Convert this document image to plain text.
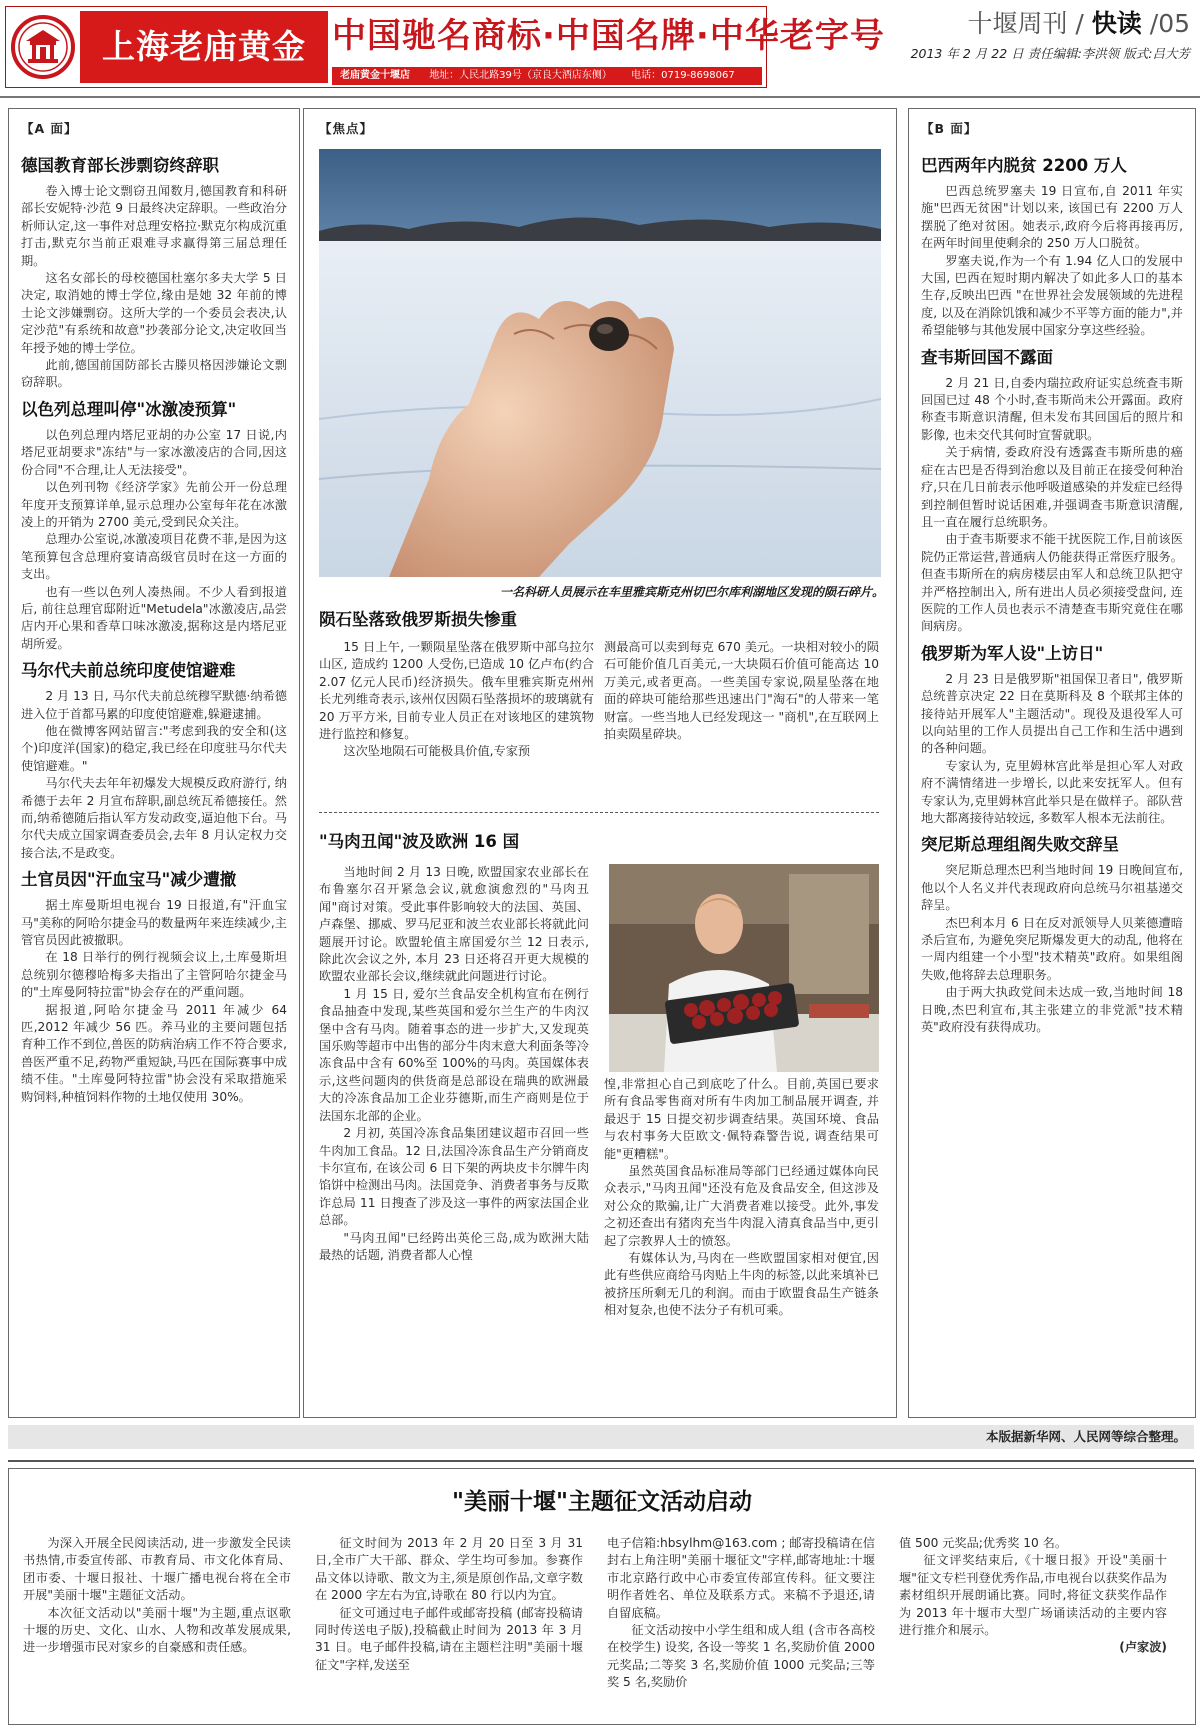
上海老庙黄金 中国驰名商标·中国名牌·中华老字号
老庙黄金十堰店 地址：人民北路39号（京良大酒店东侧） 电话：0719-8698067
十堰周刊 / 快读 /05
2013 年 2 月 22 日 责任编辑:李洪领 版式:吕大芳
【A 面】
德国教育部长涉剽窃终辞职

卷入博士论文剽窃丑闻数月,德国教育和科研部长安妮特·沙范 9 日最终决定辞职。一些政治分析师认定,这一事件对总理安格拉·默克尔构成沉重打击,默克尔当前正艰难寻求赢得第三届总理任期。

这名女部长的母校德国杜塞尔多夫大学 5 日决定, 取消她的博士学位,缘由是她 32 年前的博士论文涉嫌剽窃。这所大学的一个委员会表决,认定沙范"有系统和故意"抄袭部分论文,决定收回当年授予她的博士学位。

此前,德国前国防部长古滕贝格因涉嫌论文剽窃辞职。

以色列总理叫停"冰激凌预算"

以色列总理内塔尼亚胡的办公室 17 日说,内塔尼亚胡要求"冻结"与一家冰激凌店的合同,因这份合同"不合理,让人无法接受"。

以色列刊物《经济学家》先前公开一份总理年度开支预算详单,显示总理办公室每年花在冰激凌上的开销为 2700 美元,受到民众关注。

总理办公室说,冰激凌项目花费不菲,是因为这笔预算包含总理府宴请高级官员时在这一方面的支出。

也有一些以色列人凑热闹。不少人看到报道后, 前往总理官邸附近"Metudela"冰激凌店,品尝店内开心果和香草口味冰激凌,据称这是内塔尼亚胡所爱。

马尔代夫前总统印度使馆避难

2 月 13 日, 马尔代夫前总统穆罕默德·纳希德进入位于首都马累的印度使馆避难,躲避逮捕。

他在微博客网站留言:"考虑到我的安全和(这个)印度洋(国家)的稳定,我已经在印度驻马尔代夫使馆避难。"

马尔代夫去年年初爆发大规模反政府游行, 纳希德于去年 2 月宣布辞职,副总统瓦希德接任。然而,纳希德随后指认军方发动政变,逼迫他下台。马尔代夫成立国家调查委员会,去年 8 月认定权力交接合法,不是政变。

土官员因"汗血宝马"减少遭撤

据土库曼斯坦电视台 19 日报道,有"汗血宝马"美称的阿哈尔捷金马的数量两年来连续减少,主管官员因此被撤职。

在 18 日举行的例行视频会议上,土库曼斯坦总统别尔德穆哈梅多夫指出了主管阿哈尔捷金马的"土库曼阿特拉雷"协会存在的严重问题。

据报道,阿哈尔捷金马 2011 年减少 64 匹,2012 年减少 56 匹。养马业的主要问题包括育种工作不到位,兽医的防病治病工作不符合要求,兽医严重不足,药物严重短缺,马匹在国际赛事中成绩不佳。"土库曼阿特拉雷"协会没有采取措施采购饲料,种植饲料作物的土地仅使用 30%。

【焦点】
一名科研人员展示在车里雅宾斯克州切巴尔库利湖地区发现的陨石碎片。
陨石坠落致俄罗斯损失惨重

15 日上午, 一颗陨星坠落在俄罗斯中部乌拉尔山区, 造成约 1200 人受伤,已造成 10 亿卢布(约合 2.07 亿元人民币)经济损失。俄车里雅宾斯克州州长尤列维奇表示,该州仅因陨石坠落损坏的玻璃就有 20 万平方米, 目前专业人员正在对该地区的建筑物进行监控和修复。

这次坠地陨石可能极具价值,专家预

测最高可以卖到每克 670 美元。一块相对较小的陨石可能价值几百美元,一大块陨石价值可能高达 10 万美元,或者更高。一些美国专家说,陨星坠落在地面的碎块可能给那些迅速出门"淘石"的人带来一笔财富。一些当地人已经发现这一 "商机",在互联网上拍卖陨星碎块。

"马肉丑闻"波及欧洲 16 国

当地时间 2 月 13 日晚, 欧盟国家农业部长在布鲁塞尔召开紧急会议,就愈演愈烈的"马肉丑闻"商讨对策。受此事件影响较大的法国、英国、卢森堡、挪威、罗马尼亚和波兰农业部长将就此问题展开讨论。欧盟轮值主席国爱尔兰 12 日表示,除此次会议之外, 本月 23 日还将召开更大规模的欧盟农业部长会议,继续就此问题进行讨论。

1 月 15 日, 爱尔兰食品安全机构宣布在例行食品抽查中发现,某些英国和爱尔兰生产的牛肉汉堡中含有马肉。随着事态的进一步扩大,又发现英国乐购等超市中出售的部分牛肉末意大利面条等冷冻食品中含有 60%至 100%的马肉。英国媒体表示,这些问题肉的供货商是总部设在瑞典的欧洲最大的冷冻食品加工企业芬德斯,而生产商则是位于法国东北部的企业。

2 月初, 英国冷冻食品集团建议超市召回一些牛肉加工食品。12 日,法国冷冻食品生产分销商皮卡尔宣布, 在该公司 6 日下架的两块皮卡尔牌牛肉馅饼中检测出马肉。法国竞争、消费者事务与反欺诈总局 11 日搜查了涉及这一事件的两家法国企业总部。

"马肉丑闻"已经跨出英伦三岛,成为欧洲大陆最热的话题, 消费者都人心惶

惶,非常担心自己到底吃了什么。目前,英国已要求所有食品零售商对所有牛肉加工制品展开调查, 并最迟于 15 日提交初步调查结果。英国环境、食品与农村事务大臣欧文·佩特森警告说, 调查结果可能"更糟糕"。

虽然英国食品标准局等部门已经通过媒体向民众表示,"马肉丑闻"还没有危及食品安全, 但这涉及对公众的欺骗,让广大消费者难以接受。此外,事发之初还查出有猪肉充当牛肉混入清真食品当中,更引起了宗教界人士的愤怒。

有媒体认为,马肉在一些欧盟国家相对便宜,因此有些供应商给马肉贴上牛肉的标签,以此来填补已被挤压所剩无几的利润。而由于欧盟食品生产链条相对复杂,也使不法分子有机可乘。

【B 面】
巴西两年内脱贫 2200 万人

巴西总统罗塞夫 19 日宣布,自 2011 年实施"巴西无贫困"计划以来, 该国已有 2200 万人摆脱了绝对贫困。她表示,政府今后将再接再厉, 在两年时间里使剩余的 250 万人口脱贫。

罗塞夫说,作为一个有 1.94 亿人口的发展中大国, 巴西在短时期内解决了如此多人口的基本生存,反映出巴西 "在世界社会发展领域的先进程度, 以及在消除饥饿和减少不平等方面的能力",并希望能够与其他发展中国家分享这些经验。

查韦斯回国不露面

2 月 21 日,自委内瑞拉政府证实总统查韦斯回国已过 48 个小时,查韦斯尚未公开露面。政府称查韦斯意识清醒, 但未发布其回国后的照片和影像, 也未交代其何时宣誓就职。

关于病情, 委政府没有透露查韦斯所患的癌症在古巴是否得到治愈以及目前正在接受何种治疗,只在几日前表示他呼吸道感染的并发症已经得到控制但暂时说话困难,并强调查韦斯意识清醒, 且一直在履行总统职务。

由于查韦斯要求不能干扰医院工作,目前该医院仍正常运营,普通病人仍能获得正常医疗服务。但查韦斯所在的病房楼层由军人和总统卫队把守并严格控制出入, 所有进出人员必须接受盘问, 连医院的工作人员也表示不清楚查韦斯究竟住在哪间病房。

俄罗斯为军人设"上访日"

2 月 23 日是俄罗斯"祖国保卫者日", 俄罗斯总统普京决定 22 日在莫斯科及 8 个联邦主体的接待站开展军人"主题活动"。现役及退役军人可以向站里的工作人员提出自己工作和生活中遇到的各种问题。

专家认为, 克里姆林宫此举是担心军人对政府不满情绪进一步增长, 以此来安抚军人。但有专家认为,克里姆林宫此举只是在做样子。部队营地大都离接待站较远, 多数军人根本无法前往。

突尼斯总理组阁失败交辞呈

突尼斯总理杰巴利当地时间 19 日晚间宣布,他以个人名义并代表现政府向总统马尔祖基递交辞呈。

杰巴利本月 6 日在反对派领导人贝莱德遭暗杀后宣布, 为避免突尼斯爆发更大的动乱, 他将在一周内组建一个小型"技术精英"政府。如果组阁失败,他将辞去总理职务。

由于两大执政党间未达成一致,当地时间 18 日晚,杰巴利宣布,其主张建立的非党派"技术精英"政府没有获得成功。

本版据新华网、人民网等综合整理。
"美丽十堰"主题征文活动启动

为深入开展全民阅读活动, 进一步激发全民读书热情,市委宣传部、市教育局、市文化体育局、团市委、十堰日报社、十堰广播电视台将在全市开展"美丽十堰"主题征文活动。

本次征文活动以"美丽十堰"为主题,重点讴歌十堰的历史、文化、山水、人物和改革发展成果,进一步增强市民对家乡的自豪感和责任感。

征文时间为 2013 年 2 月 20 日至 3 月 31 日,全市广大干部、群众、学生均可参加。参赛作品文体以诗歌、散文为主,须是原创作品,文章字数在 2000 字左右为宜,诗歌在 80 行以内为宜。

征文可通过电子邮件或邮寄投稿 (邮寄投稿请同时传送电子版),投稿截止时间为 2013 年 3 月 31 日。电子邮件投稿,请在主题栏注明"美丽十堰征文"字样,发送至

电子信箱:hbsylhm@163.com ; 邮寄投稿请在信封右上角注明"美丽十堰征文"字样,邮寄地址:十堰市北京路行政中心市委宣传部宣传科。征文要注明作者姓名、单位及联系方式。来稿不予退还,请自留底稿。

征文活动按中小学生组和成人组 (含市各高校在校学生) 设奖, 各设一等奖 1 名,奖励价值 2000 元奖品;二等奖 3 名,奖励价值 1000 元奖品;三等奖 5 名,奖励价

值 500 元奖品;优秀奖 10 名。

征文评奖结束后,《十堰日报》开设"美丽十堰"征文专栏刊登优秀作品,市电视台以获奖作品为素材组织开展朗诵比赛。同时,将征文获奖作品作为 2013 年十堰市大型广场诵读活动的主要内容进行推介和展示。

(卢家波)
